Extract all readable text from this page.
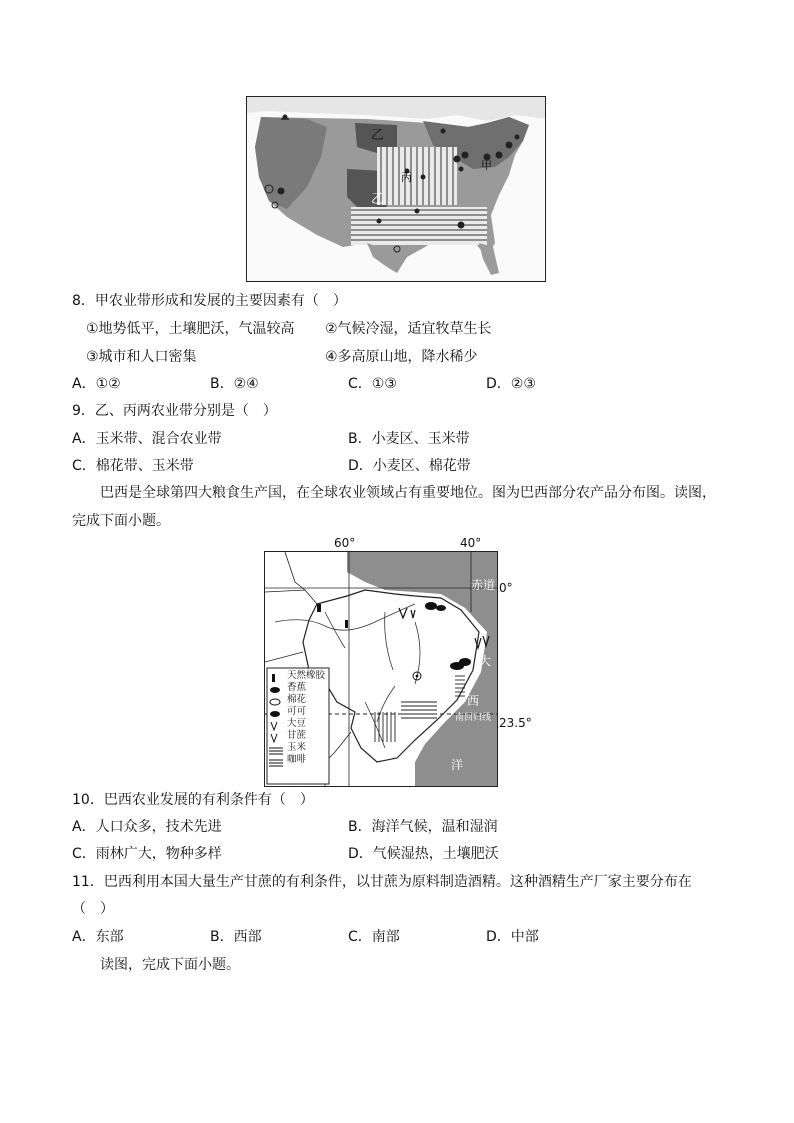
乙
乙
丙
甲
8．甲农业带形成和发展的主要因素有（　）
①地势低平，土壤肥沃，气温较高 ②气候冷湿，适宜牧草生长
③城市和人口密集	④多高原山地，降水稀少
A．①②	B．②④	C．①③	D．②③
9．乙、丙两农业带分别是（　）
A．玉米带、混合农业带	B．小麦区、玉米带
C．棉花带、玉米带	D．小麦区、棉花带
巴西是全球第四大粮食生产国，在全球农业领域占有重要地位。图为巴西部分农产品分布图。读图，
完成下面小题。
60°	40°
赤道
大
西
南回归线
洋
天然橡胶
香蕉
棉花
可可
大豆
甘蔗
玉米
咖啡
0°
23.5°
10．巴西农业发展的有利条件有（　）
A．人口众多，技术先进	B．海洋气候，温和湿润
C．雨林广大，物种多样	D．气候湿热，土壤肥沃
11．巴西利用本国大量生产甘蔗的有利条件，以甘蔗为原料制造酒精。这种酒精生产厂家主要分布在
（　）
A．东部	B．西部	C．南部	D．中部
读图，完成下面小题。
